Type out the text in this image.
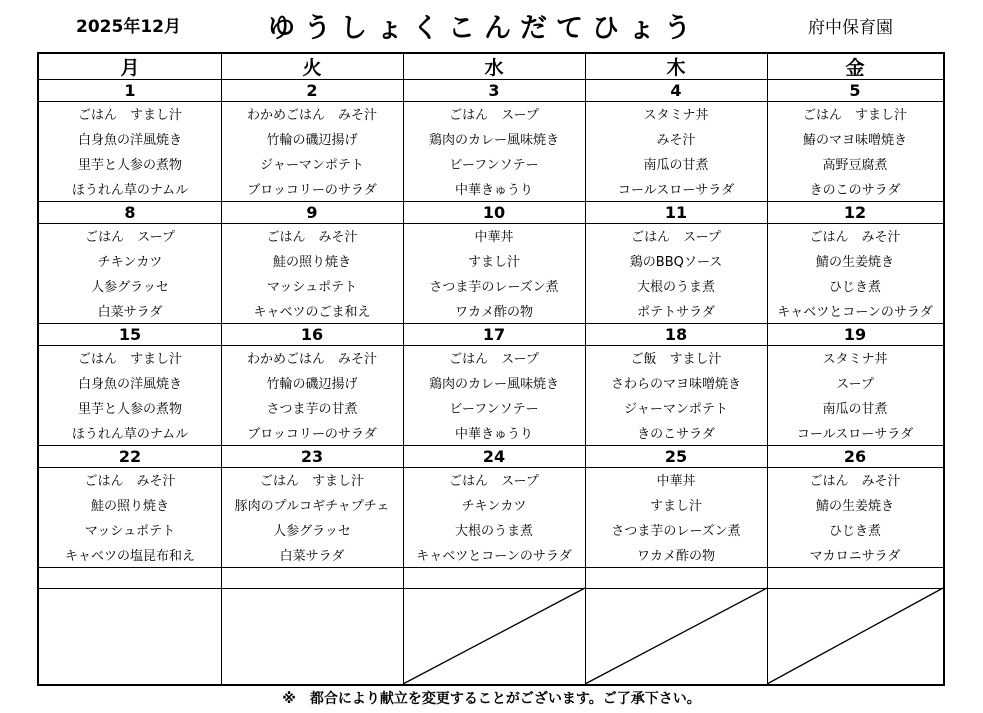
2025年12月	ゆうしょくこんだてひょう	府中保育園
月	火	水	木	金
1	2	3	4	5
ごはん　すまし汁	わかめごはん　みそ汁	ごはん　スープ	スタミナ丼	ごはん　すまし汁
白身魚の洋風焼き	竹輪の磯辺揚げ	鶏肉のカレー風味焼き	みそ汁	鰆のマヨ味噌焼き
里芋と人参の煮物	ジャーマンポテト	ビーフンソテー	南瓜の甘煮	高野豆腐煮
ほうれん草のナムル	ブロッコリーのサラダ	中華きゅうり	コールスローサラダ	きのこのサラダ
8	9	10	11	12
ごはん　スープ	ごはん　みそ汁	中華丼	ごはん　スープ	ごはん　みそ汁
チキンカツ	鮭の照り焼き	すまし汁	鶏のBBQソース	鯖の生姜焼き
人参グラッセ	マッシュポテト	さつま芋のレーズン煮	大根のうま煮	ひじき煮
白菜サラダ	キャベツのごま和え	ワカメ酢の物	ポテトサラダ	キャベツとコーンのサラダ
15	16	17	18	19
ごはん　すまし汁	わかめごはん　みそ汁	ごはん　スープ	ご飯　すまし汁	スタミナ丼
白身魚の洋風焼き	竹輪の磯辺揚げ	鶏肉のカレー風味焼き	さわらのマヨ味噌焼き	スープ
里芋と人参の煮物	さつま芋の甘煮	ビーフンソテー	ジャーマンポテト	南瓜の甘煮
ほうれん草のナムル	ブロッコリーのサラダ	中華きゅうり	きのこサラダ	コールスローサラダ
22	23	24	25	26
ごはん　みそ汁	ごはん　すまし汁	ごはん　スープ	中華丼	ごはん　みそ汁
鮭の照り焼き	豚肉のプルコギチャプチェ	チキンカツ	すまし汁	鯖の生姜焼き
マッシュポテト	人参グラッセ	大根のうま煮	さつま芋のレーズン煮	ひじき煮
キャベツの塩昆布和え	白菜サラダ	キャベツとコーンのサラダ	ワカメ酢の物	マカロニサラダ
※　都合により献立を変更することがございます。ご了承下さい。
